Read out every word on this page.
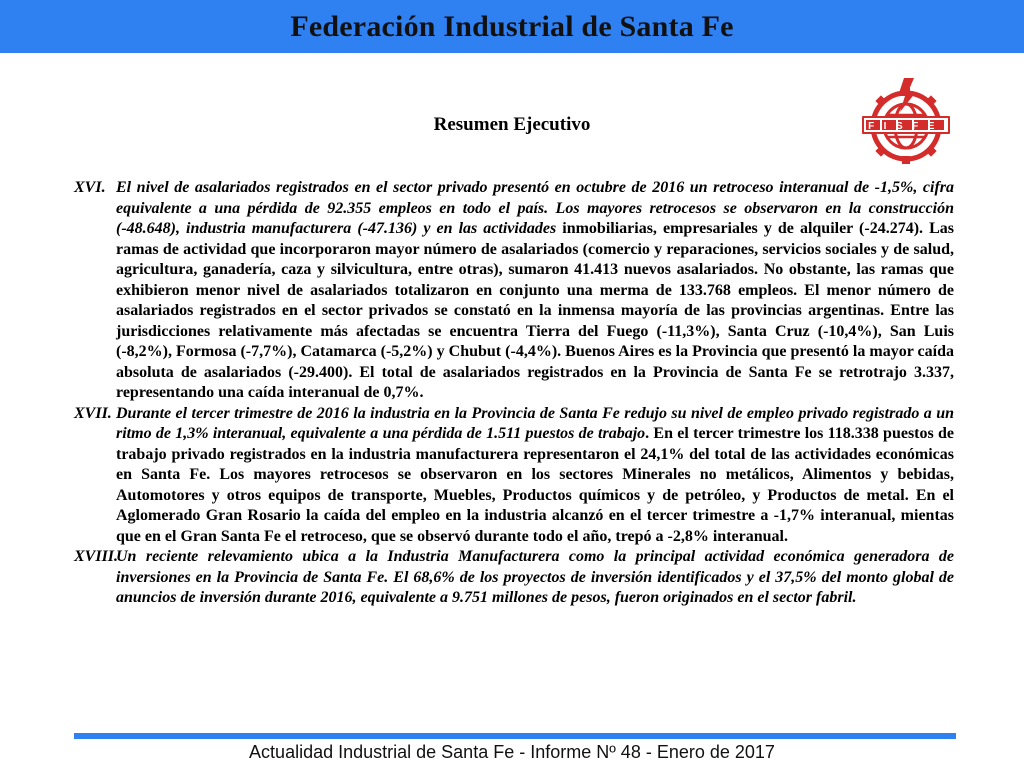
Federación Industrial de Santa Fe
FISFE
Resumen Ejecutivo
XVI. El nivel de asalariados registrados en el sector privado presentó en octubre de 2016 un retroceso interanual de -1,5%, cifra equivalente a una pérdida de 92.355 empleos en todo el país. Los mayores retrocesos se observaron en la construcción (-48.648), industria manufacturera (-47.136) y en las actividades inmobiliarias, empresariales y de alquiler (-24.274). Las ramas de actividad que incorporaron mayor número de asalariados (comercio y reparaciones, servicios sociales y de salud, agricultura, ganadería, caza y silvicultura, entre otras), sumaron 41.413 nuevos asalariados. No obstante, las ramas que exhibieron menor nivel de asalariados totalizaron en conjunto una merma de 133.768 empleos. El menor número de asalariados registrados en el sector privados se constató en la inmensa mayoría de las provincias argentinas. Entre las jurisdicciones relativamente más afectadas se encuentra Tierra del Fuego (-11,3%), Santa Cruz (-10,4%), San Luis (-8,2%), Formosa (-7,7%), Catamarca (-5,2%) y Chubut (-4,4%). Buenos Aires es la Provincia que presentó la mayor caída absoluta de asalariados (-29.400). El total de asalariados registrados en la Provincia de Santa Fe se retrotrajo 3.337, representando una caída interanual de 0,7%.
XVII. Durante el tercer trimestre de 2016 la industria en la Provincia de Santa Fe redujo su nivel de empleo privado registrado a un ritmo de 1,3% interanual, equivalente a una pérdida de 1.511 puestos de trabajo. En el tercer trimestre los 118.338 puestos de trabajo privado registrados en la industria manufacturera representaron el 24,1% del total de las actividades económicas en Santa Fe. Los mayores retrocesos se observaron en los sectores Minerales no metálicos, Alimentos y bebidas, Automotores y otros equipos de transporte, Muebles, Productos químicos y de petróleo, y Productos de metal. En el Aglomerado Gran Rosario la caída del empleo en la industria alcanzó en el tercer trimestre a -1,7% interanual, mientas que en el Gran Santa Fe el retroceso, que se observó durante todo el año, trepó a -2,8% interanual.
XVIII.
Un reciente relevamiento ubica a la Industria Manufacturera como la principal actividad económica generadora de inversiones en la Provincia de Santa Fe. El 68,6% de los proyectos de inversión identificados y el 37,5% del monto global de anuncios de inversión durante 2016, equivalente a 9.751 millones de pesos, fueron originados en el sector fabril.
Actualidad Industrial de Santa Fe - Informe Nº 48 - Enero de 2017
